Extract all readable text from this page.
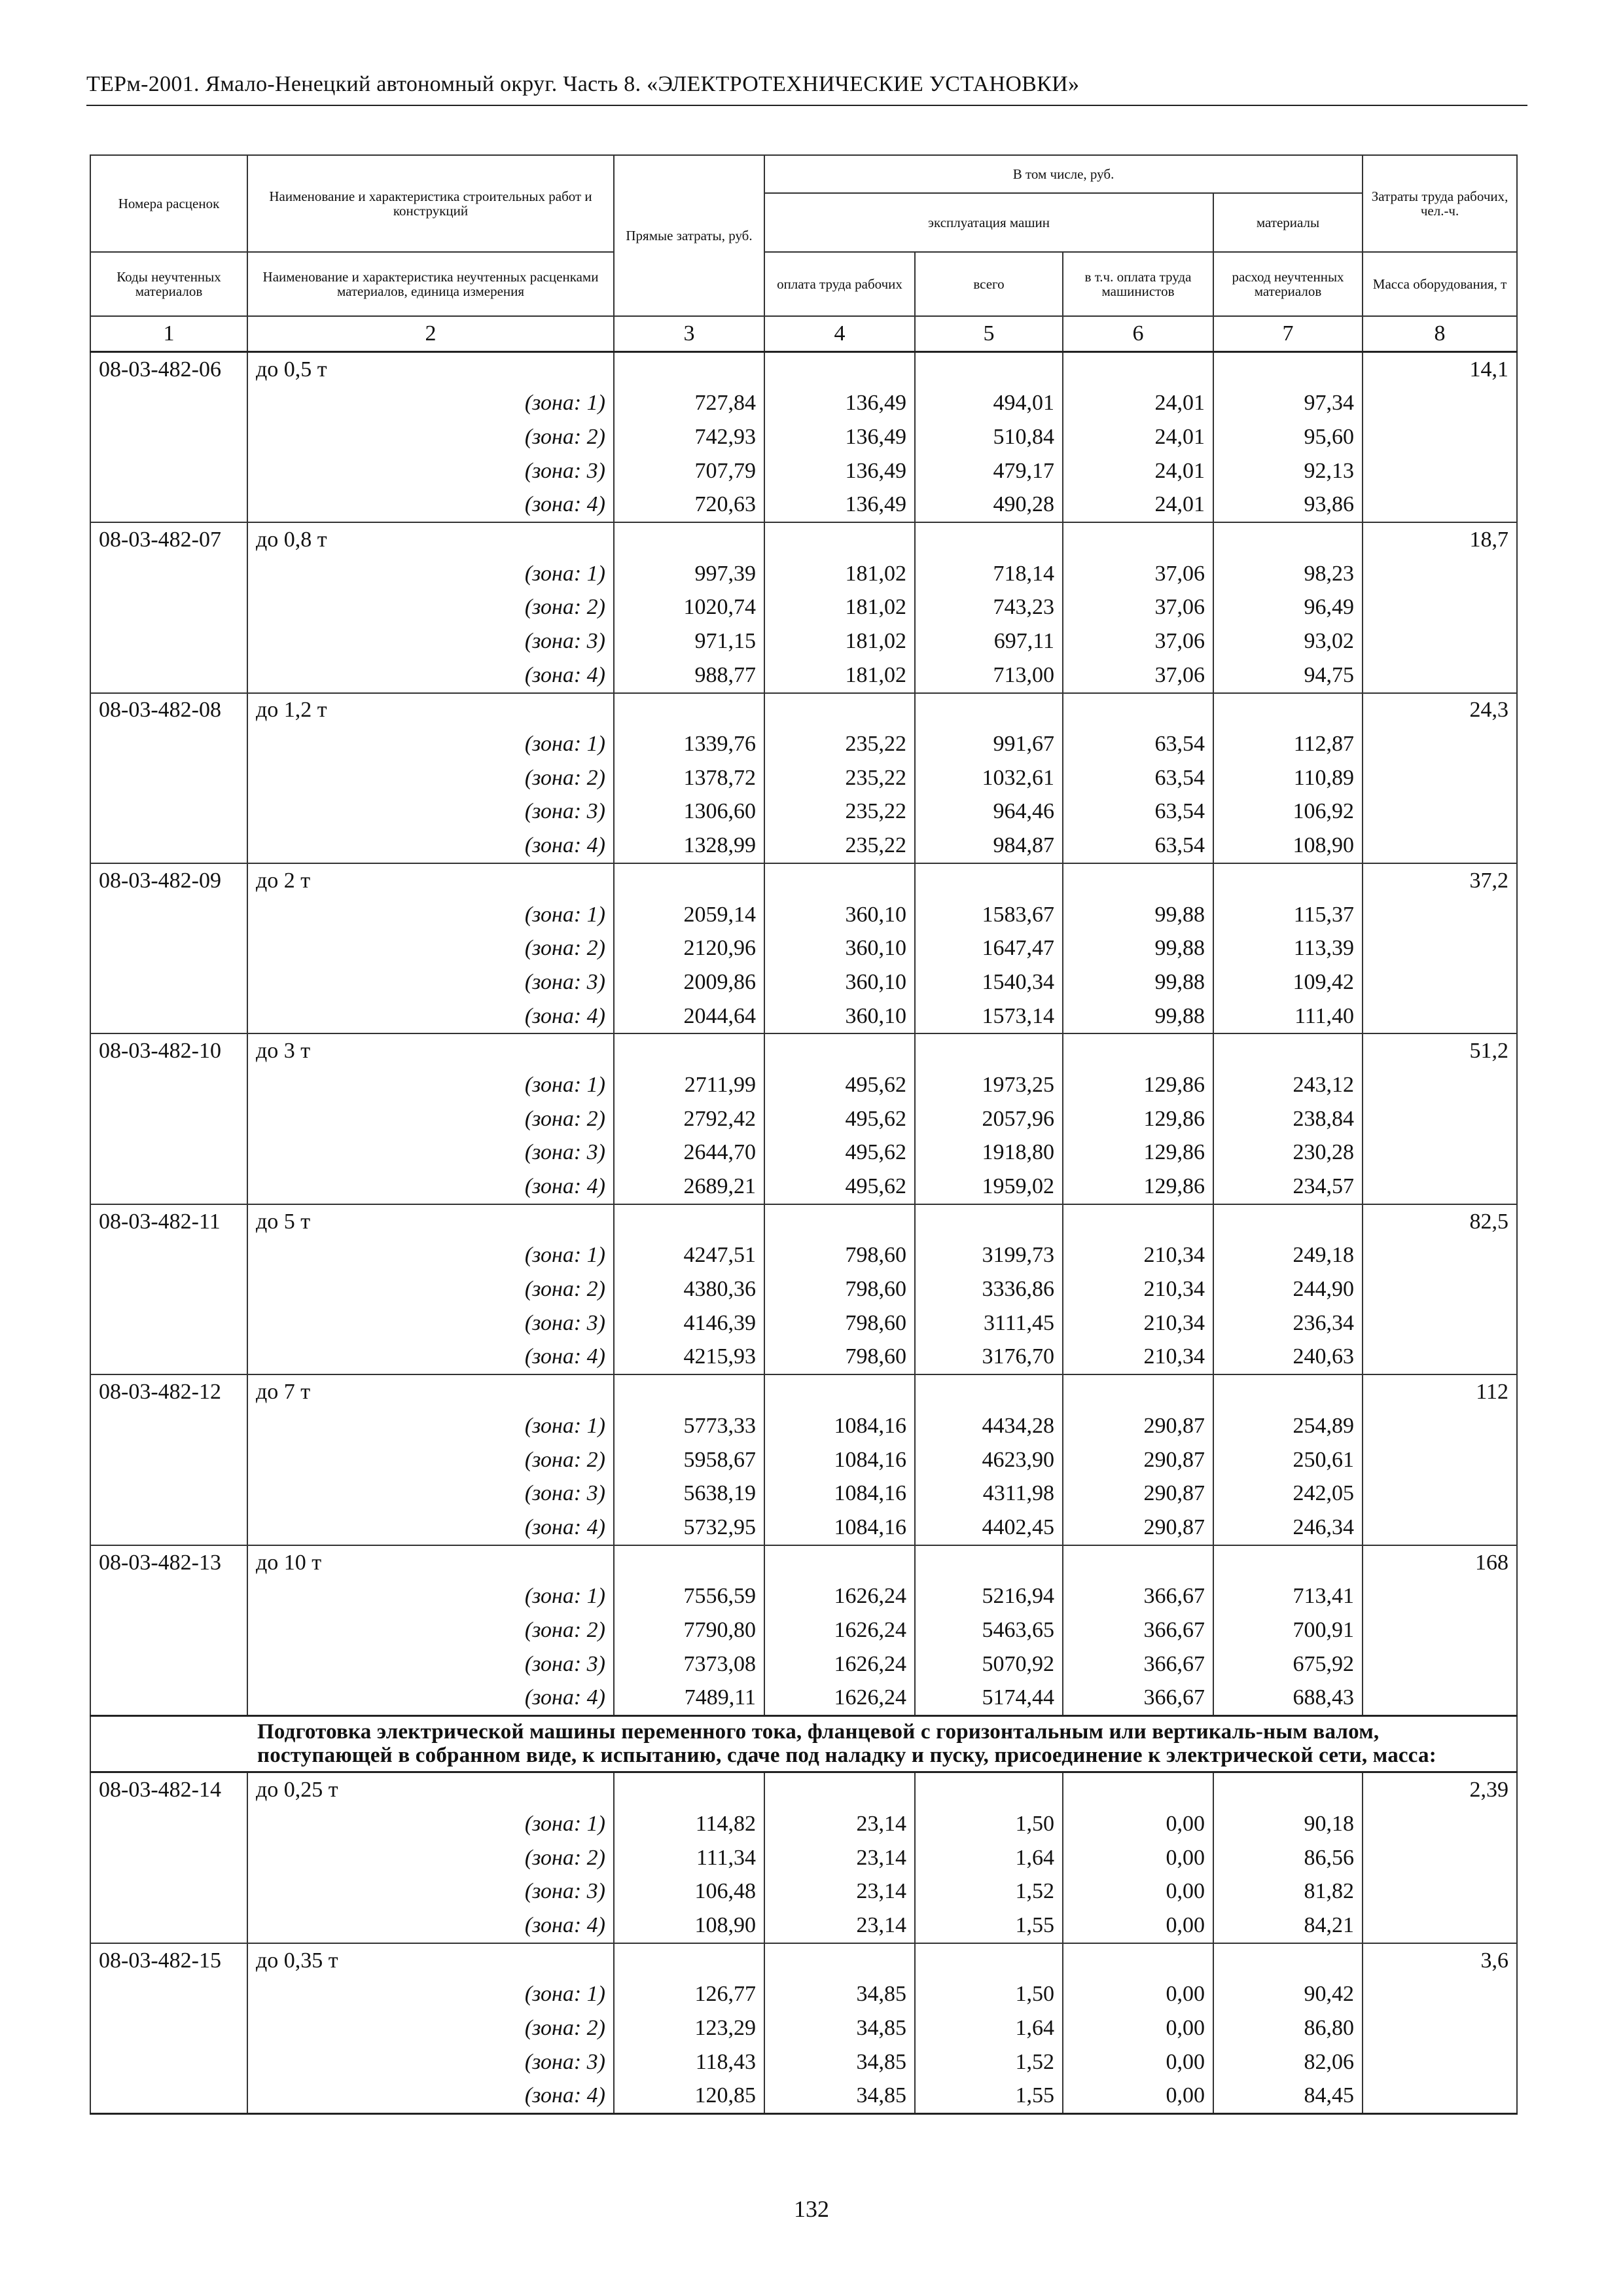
ТЕРм-2001. Ямало-Ненецкий автономный округ. Часть 8. «ЭЛЕКТРОТЕХНИЧЕСКИЕ УСТАНОВКИ»
Номера расценок	Наименование и характеристика строительных работ и конструкций	Прямые затраты, руб.	В том числе, руб.				Затраты труда рабочих, чел.-ч.
			эксплуатация машин			материалы	
Коды неучтенных материалов	Наименование и характеристика неучтенных расценками материалов, единица измерения		оплата труда рабочих	всего	в т.ч. оплата труда машинистов	расход неучтенных материалов	Масса оборудования, т
1	2	3	4	5	6	7	8
08-03-482-06	до 0,5 т						14,1
	(зона: 1)	727,84	136,49	494,01	24,01	97,34	
	(зона: 2)	742,93	136,49	510,84	24,01	95,60	
	(зона: 3)	707,79	136,49	479,17	24,01	92,13	
	(зона: 4)	720,63	136,49	490,28	24,01	93,86	
08-03-482-07	до 0,8 т						18,7
	(зона: 1)	997,39	181,02	718,14	37,06	98,23	
	(зона: 2)	1020,74	181,02	743,23	37,06	96,49	
	(зона: 3)	971,15	181,02	697,11	37,06	93,02	
	(зона: 4)	988,77	181,02	713,00	37,06	94,75	
08-03-482-08	до 1,2 т						24,3
	(зона: 1)	1339,76	235,22	991,67	63,54	112,87	
	(зона: 2)	1378,72	235,22	1032,61	63,54	110,89	
	(зона: 3)	1306,60	235,22	964,46	63,54	106,92	
	(зона: 4)	1328,99	235,22	984,87	63,54	108,90	
08-03-482-09	до 2 т						37,2
	(зона: 1)	2059,14	360,10	1583,67	99,88	115,37	
	(зона: 2)	2120,96	360,10	1647,47	99,88	113,39	
	(зона: 3)	2009,86	360,10	1540,34	99,88	109,42	
	(зона: 4)	2044,64	360,10	1573,14	99,88	111,40	
08-03-482-10	до 3 т						51,2
	(зона: 1)	2711,99	495,62	1973,25	129,86	243,12	
	(зона: 2)	2792,42	495,62	2057,96	129,86	238,84	
	(зона: 3)	2644,70	495,62	1918,80	129,86	230,28	
	(зона: 4)	2689,21	495,62	1959,02	129,86	234,57	
08-03-482-11	до 5 т						82,5
	(зона: 1)	4247,51	798,60	3199,73	210,34	249,18	
	(зона: 2)	4380,36	798,60	3336,86	210,34	244,90	
	(зона: 3)	4146,39	798,60	3111,45	210,34	236,34	
	(зона: 4)	4215,93	798,60	3176,70	210,34	240,63	
08-03-482-12	до 7 т						112
	(зона: 1)	5773,33	1084,16	4434,28	290,87	254,89	
	(зона: 2)	5958,67	1084,16	4623,90	290,87	250,61	
	(зона: 3)	5638,19	1084,16	4311,98	290,87	242,05	
	(зона: 4)	5732,95	1084,16	4402,45	290,87	246,34	
08-03-482-13	до 10 т						168
	(зона: 1)	7556,59	1626,24	5216,94	366,67	713,41	
	(зона: 2)	7790,80	1626,24	5463,65	366,67	700,91	
	(зона: 3)	7373,08	1626,24	5070,92	366,67	675,92	
	(зона: 4)	7489,11	1626,24	5174,44	366,67	688,43	
Подготовка электрической машины переменного тока, фланцевой с горизонтальным или вертикаль-ным валом, поступающей в собранном виде, к испытанию, сдаче под наладку и пуску, присоединение к электрической сети, масса:							
08-03-482-14	до 0,25 т						2,39
	(зона: 1)	114,82	23,14	1,50	0,00	90,18	
	(зона: 2)	111,34	23,14	1,64	0,00	86,56	
	(зона: 3)	106,48	23,14	1,52	0,00	81,82	
	(зона: 4)	108,90	23,14	1,55	0,00	84,21	
08-03-482-15	до 0,35 т						3,6
	(зона: 1)	126,77	34,85	1,50	0,00	90,42	
	(зона: 2)	123,29	34,85	1,64	0,00	86,80	
	(зона: 3)	118,43	34,85	1,52	0,00	82,06	
	(зона: 4)	120,85	34,85	1,55	0,00	84,45	
132
